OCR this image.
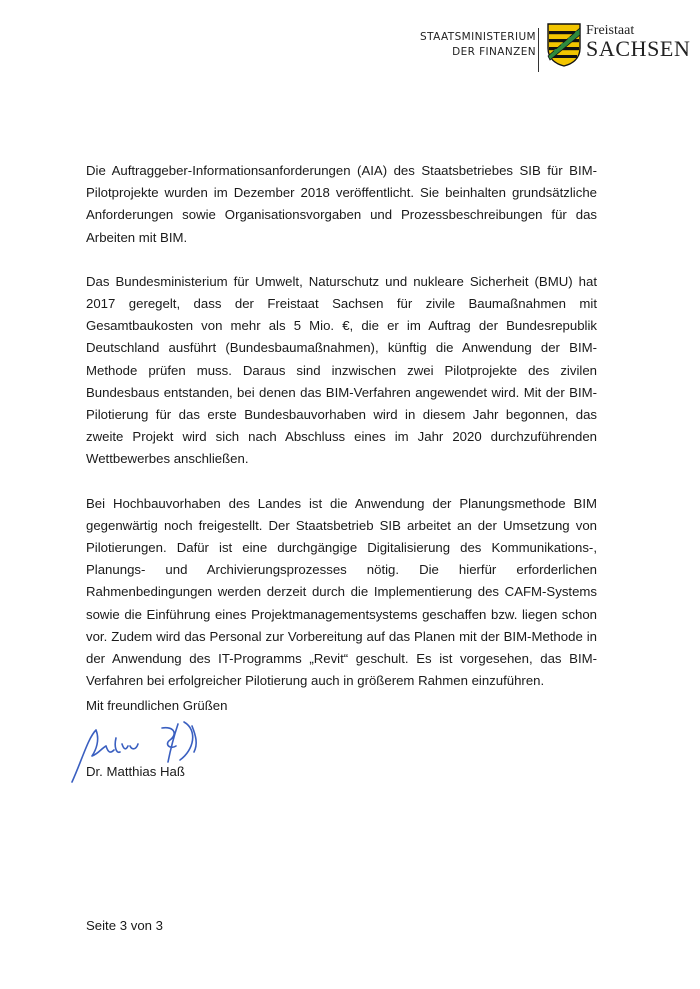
STAATSMINISTERIUM
DER FINANZEN
Freistaat
SACHSEN

Die Auftraggeber-Informationsanforderungen (AIA) des Staatsbetriebes SIB für BIM-Pilotprojekte wurden im Dezember 2018 veröffentlicht. Sie beinhalten grundsätzliche Anforderungen sowie Organisationsvorgaben und Prozessbeschreibungen für das Arbeiten mit BIM.

Das Bundesministerium für Umwelt, Naturschutz und nukleare Sicherheit (BMU) hat 2017 geregelt, dass der Freistaat Sachsen für zivile Baumaßnahmen mit Gesamtbaukosten von mehr als 5 Mio. €, die er im Auftrag der Bundesrepublik Deutschland ausführt (Bundesbaumaßnahmen), künftig die Anwendung der BIM-Methode prüfen muss. Daraus sind inzwischen zwei Pilotprojekte des zivilen Bundesbaus entstanden, bei denen das BIM-Verfahren angewendet wird. Mit der BIM-Pilotierung für das erste Bundesbauvorhaben wird in diesem Jahr begonnen, das zweite Projekt wird sich nach Abschluss eines im Jahr 2020 durchzuführenden Wettbewerbes anschließen.

Bei Hochbauvorhaben des Landes ist die Anwendung der Planungsmethode BIM gegenwärtig noch freigestellt. Der Staatsbetrieb SIB arbeitet an der Umsetzung von Pilotierungen. Dafür ist eine durchgängige Digitalisierung des Kommunikations-, Planungs- und Archivierungsprozesses nötig. Die hierfür erforderlichen Rahmenbedingungen werden derzeit durch die Implementierung des CAFM-Systems sowie die Einführung eines Projektmanagementsystems geschaffen bzw. liegen schon vor. Zudem wird das Personal zur Vorbereitung auf das Planen mit der BIM-Methode in der Anwendung des IT-Programms „Revit“ geschult. Es ist vorgesehen, das BIM-Verfahren bei erfolgreicher Pilotierung auch in größerem Rahmen einzuführen.

Mit freundlichen Grüßen
Dr. Matthias Haß
Seite 3 von 3
